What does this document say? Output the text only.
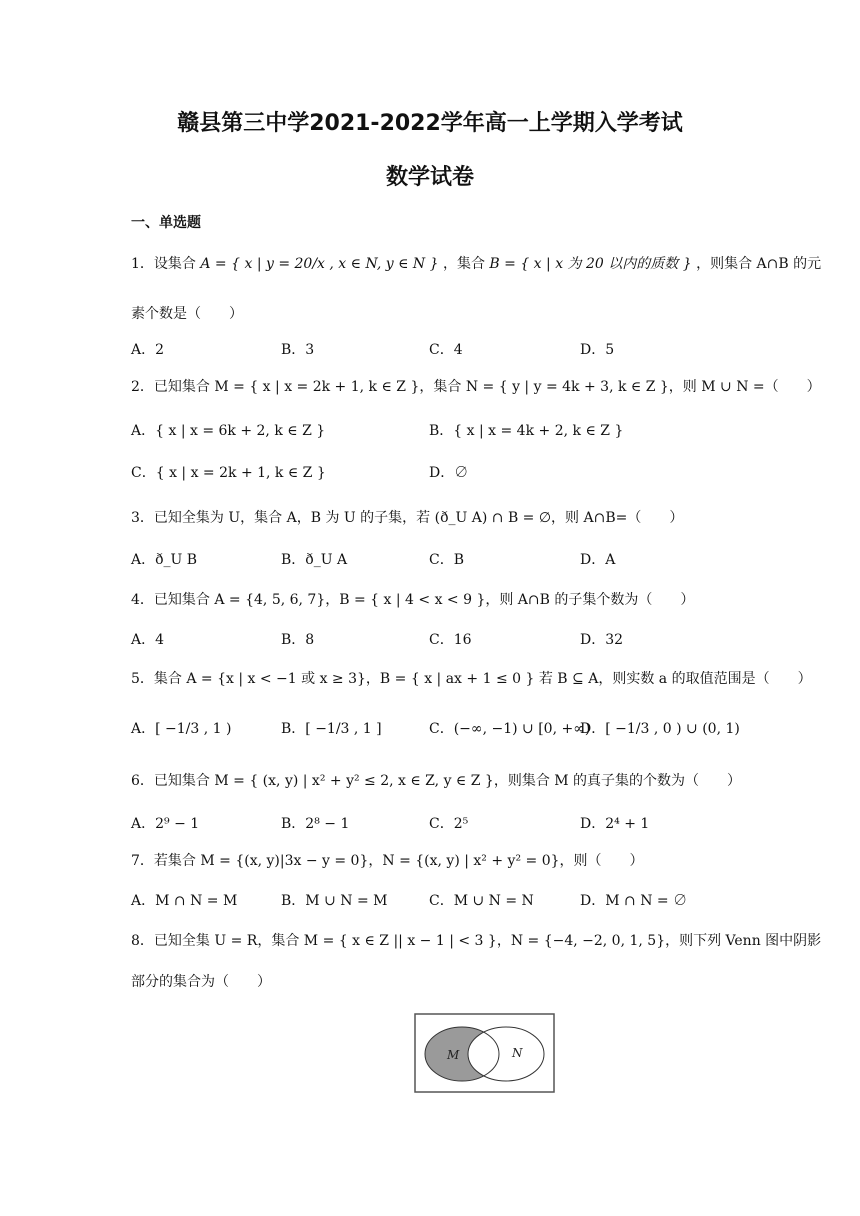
赣县第三中学2021-2022学年高一上学期入学考试
数学试卷
一、单选题
1．设集合 A = { x | y = 20/x , x ∈ N, y ∈ N } ，集合 B = { x | x 为 20 以内的质数 } ，则集合 A∩B 的元
素个数是（　　）
A．2	B．3	C．4	D．5
2．已知集合 M = { x | x = 2k + 1, k ∈ Z }，集合 N = { y | y = 4k + 3, k ∈ Z }，则 M ∪ N =（　　）
A．{ x | x = 6k + 2, k ∈ Z }	B．{ x | x = 4k + 2, k ∈ Z }
C．{ x | x = 2k + 1, k ∈ Z }	D．∅
3．已知全集为 U，集合 A，B 为 U 的子集，若 (ð_U A) ∩ B = ∅，则 A∩B=（　　）
A．ð_U B	B．ð_U A	C．B	D．A
4．已知集合 A = {4, 5, 6, 7}，B = { x | 4 < x < 9 }，则 A∩B 的子集个数为（　　）
A．4	B．8	C．16	D．32
5．集合 A = {x | x < −1 或 x ≥ 3}，B = { x | ax + 1 ≤ 0 } 若 B ⊆ A，则实数 a 的取值范围是（　　）
A．[ −1/3 , 1 )	B．[ −1/3 , 1 ]	C．(−∞, −1) ∪ [0, +∞)
D．[ −1/3 , 0 ) ∪ (0, 1)
6．已知集合 M = { (x, y) | x² + y² ≤ 2, x ∈ Z, y ∈ Z }，则集合 M 的真子集的个数为（　　）
A．2⁹ − 1	B．2⁸ − 1	C．2⁵	D．2⁴ + 1
7．若集合 M = {(x, y)|3x − y = 0}，N = {(x, y) | x² + y² = 0}，则（　　）
A．M ∩ N = M	B．M ∪ N = M	C．M ∪ N = N	D．M ∩ N = ∅
8．已知全集 U = R，集合 M = { x ∈ Z || x − 1 | < 3 }，N = {−4, −2, 0, 1, 5}，则下列 Venn 图中阴影
部分的集合为（　　）
M	N
